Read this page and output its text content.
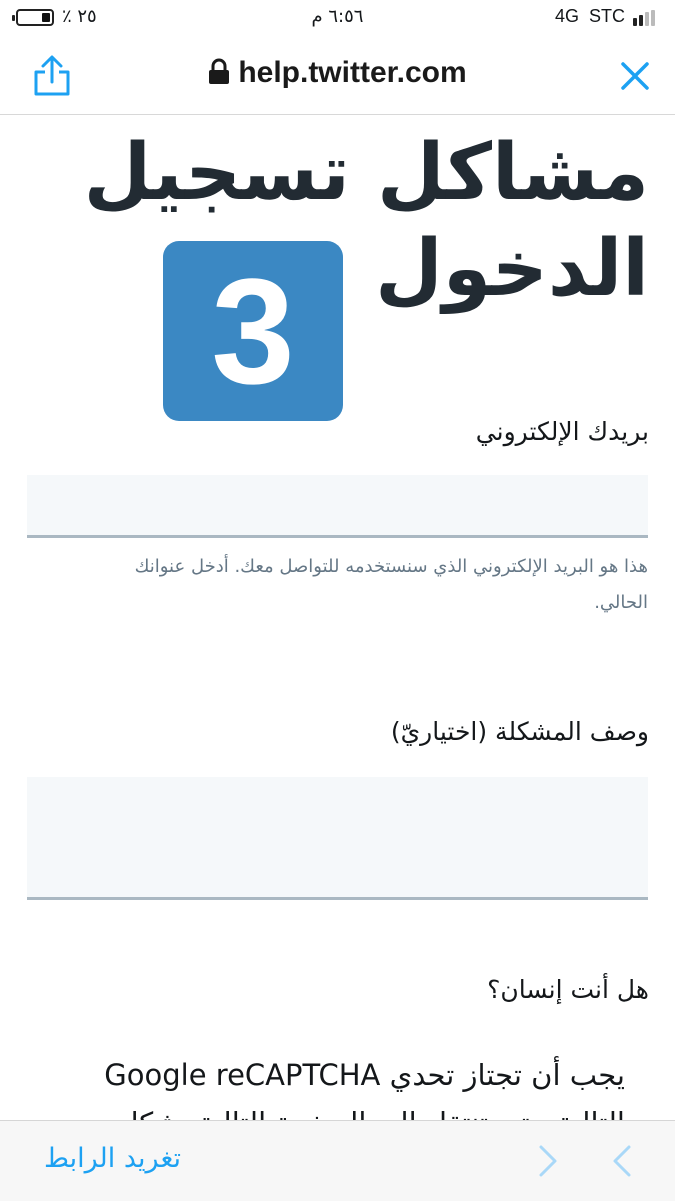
٪ ٢٥	٦:٥٦ م	4G STC
help.twitter.com
مشاكل تسجيل
الدخول
3
بريدك الإلكتروني
هذا هو البريد الإلكتروني الذي سنستخدمه للتواصل معك. أدخل عنوانك
الحالي.
وصف المشكلة (اختياريّ)
هل أنت إنسان؟
يجب أن تجتاز تحدي Google reCAPTCHA

تغريد الرابط
